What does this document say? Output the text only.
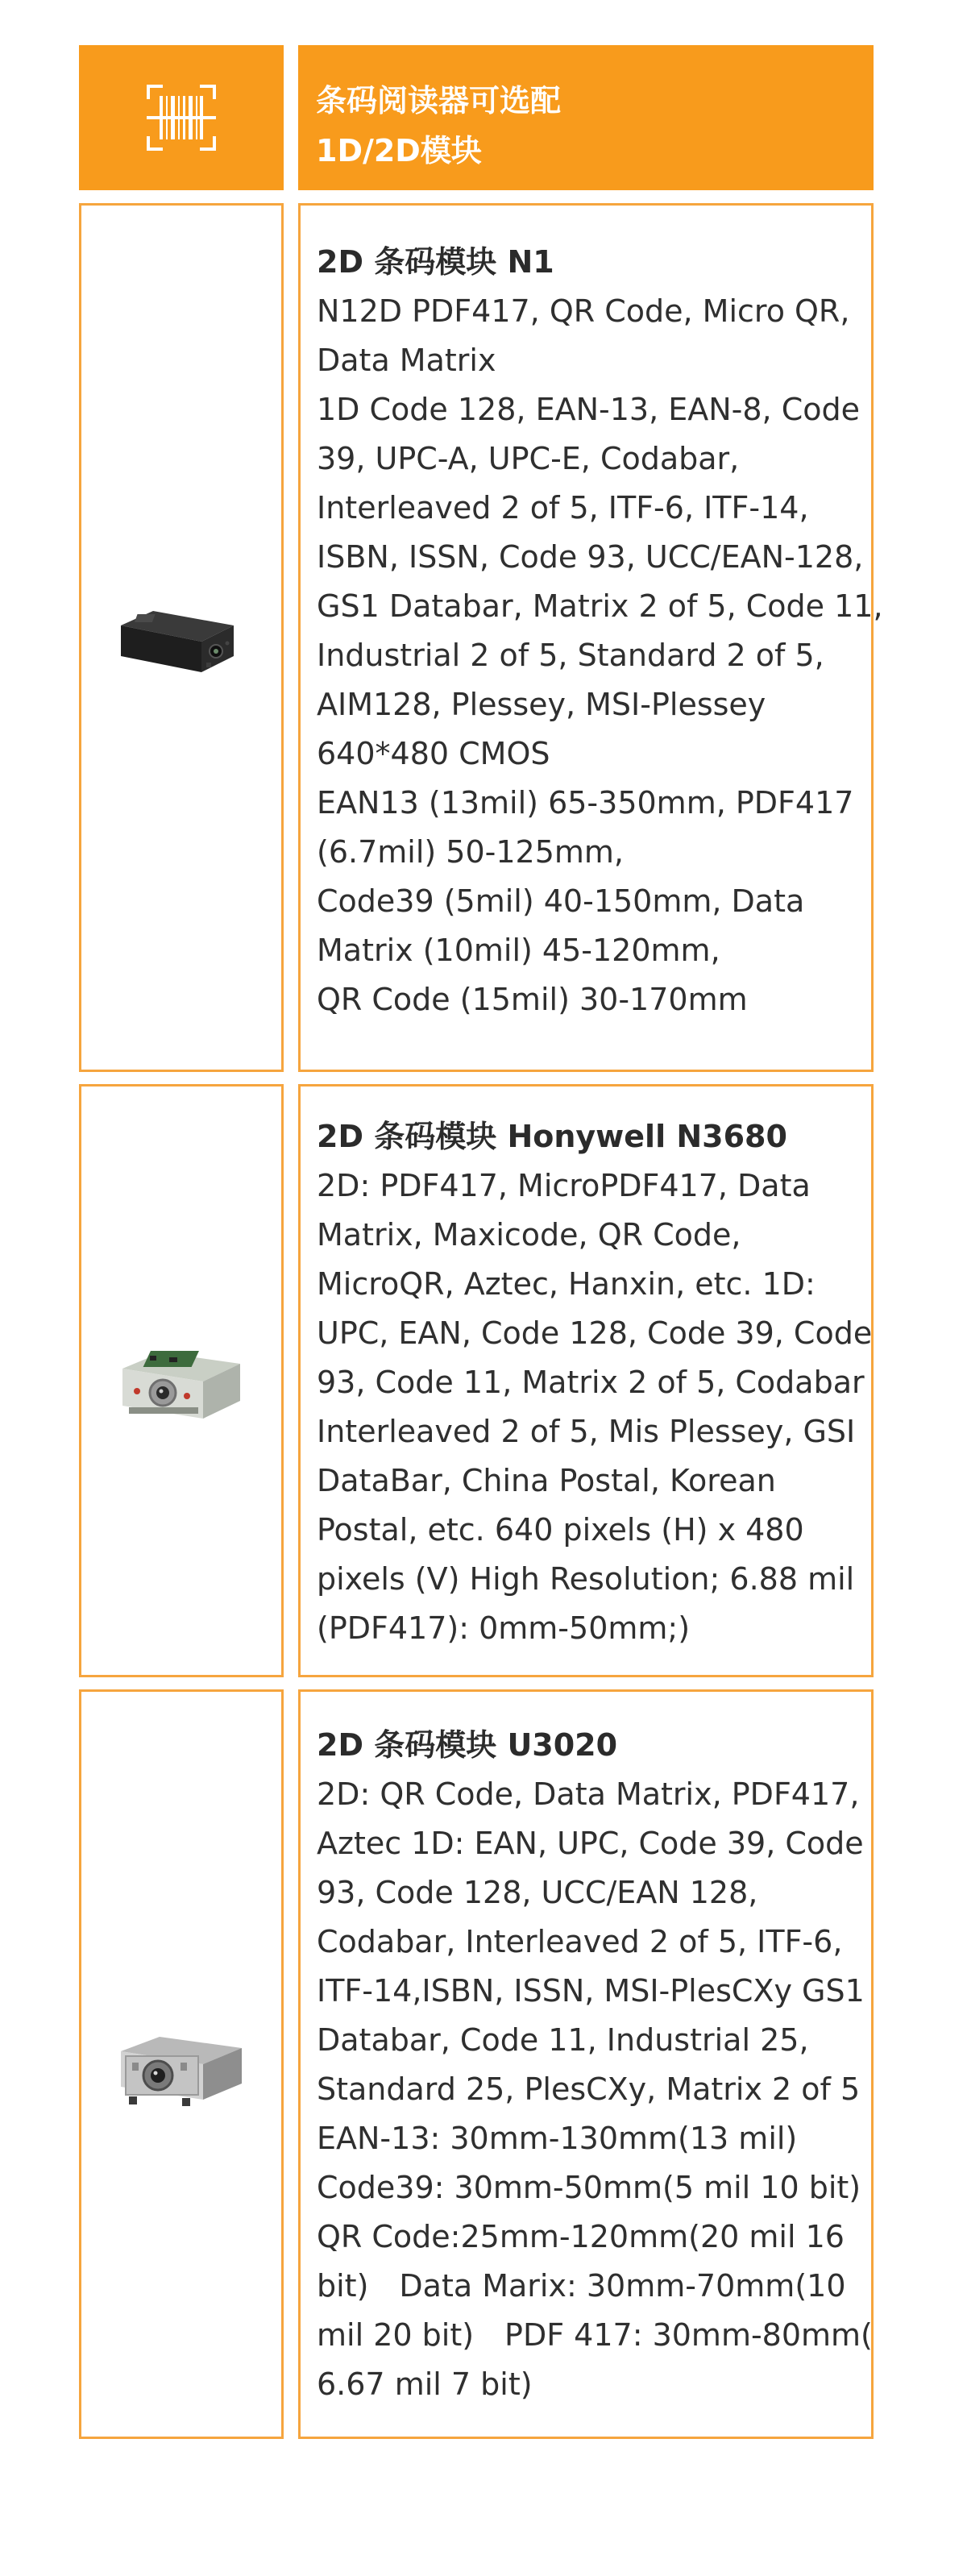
条码阅读器可选配
1D/2D模块
2D 条码模块 N1
N12D PDF417, QR Code, Micro QR,
Data Matrix
1D Code 128, EAN-13, EAN-8, Code
39, UPC-A, UPC-E, Codabar,
Interleaved 2 of 5, ITF-6, ITF-14,
ISBN, ISSN, Code 93, UCC/EAN-128,
GS1 Databar, Matrix 2 of 5, Code 11,
Industrial 2 of 5, Standard 2 of 5,
AIM128, Plessey, MSI-Plessey
640*480 CMOS
EAN13 (13mil) 65-350mm, PDF417
(6.7mil) 50-125mm,
Code39 (5mil) 40-150mm, Data
Matrix (10mil) 45-120mm,
QR Code (15mil) 30-170mm
2D 条码模块 Honywell N3680
2D: PDF417, MicroPDF417, Data
Matrix, Maxicode, QR Code,
MicroQR, Aztec, Hanxin, etc. 1D:
UPC, EAN, Code 128, Code 39, Code
93, Code 11, Matrix 2 of 5, Codabar
Interleaved 2 of 5, Mis Plessey, GSI
DataBar, China Postal, Korean
Postal, etc. 640 pixels (H) x 480
pixels (V) High Resolution; 6.88 mil
(PDF417): 0mm-50mm;)
2D 条码模块 U3020
2D: QR Code, Data Matrix, PDF417,
Aztec 1D: EAN, UPC, Code 39, Code
93, Code 128, UCC/EAN 128,
Codabar, Interleaved 2 of 5, ITF-6,
ITF-14,ISBN, ISSN, MSI-PlesCXy GS1
Databar, Code 11, Industrial 25,
Standard 25, PlesCXy, Matrix 2 of 5
EAN-13: 30mm-130mm(13 mil)
Code39: 30mm-50mm(5 mil 10 bit)
QR Code:25mm-120mm(20 mil 16
bit)　Data Marix: 30mm-70mm(10
mil 20 bit)　PDF 417: 30mm-80mm(
6.67 mil 7 bit)
